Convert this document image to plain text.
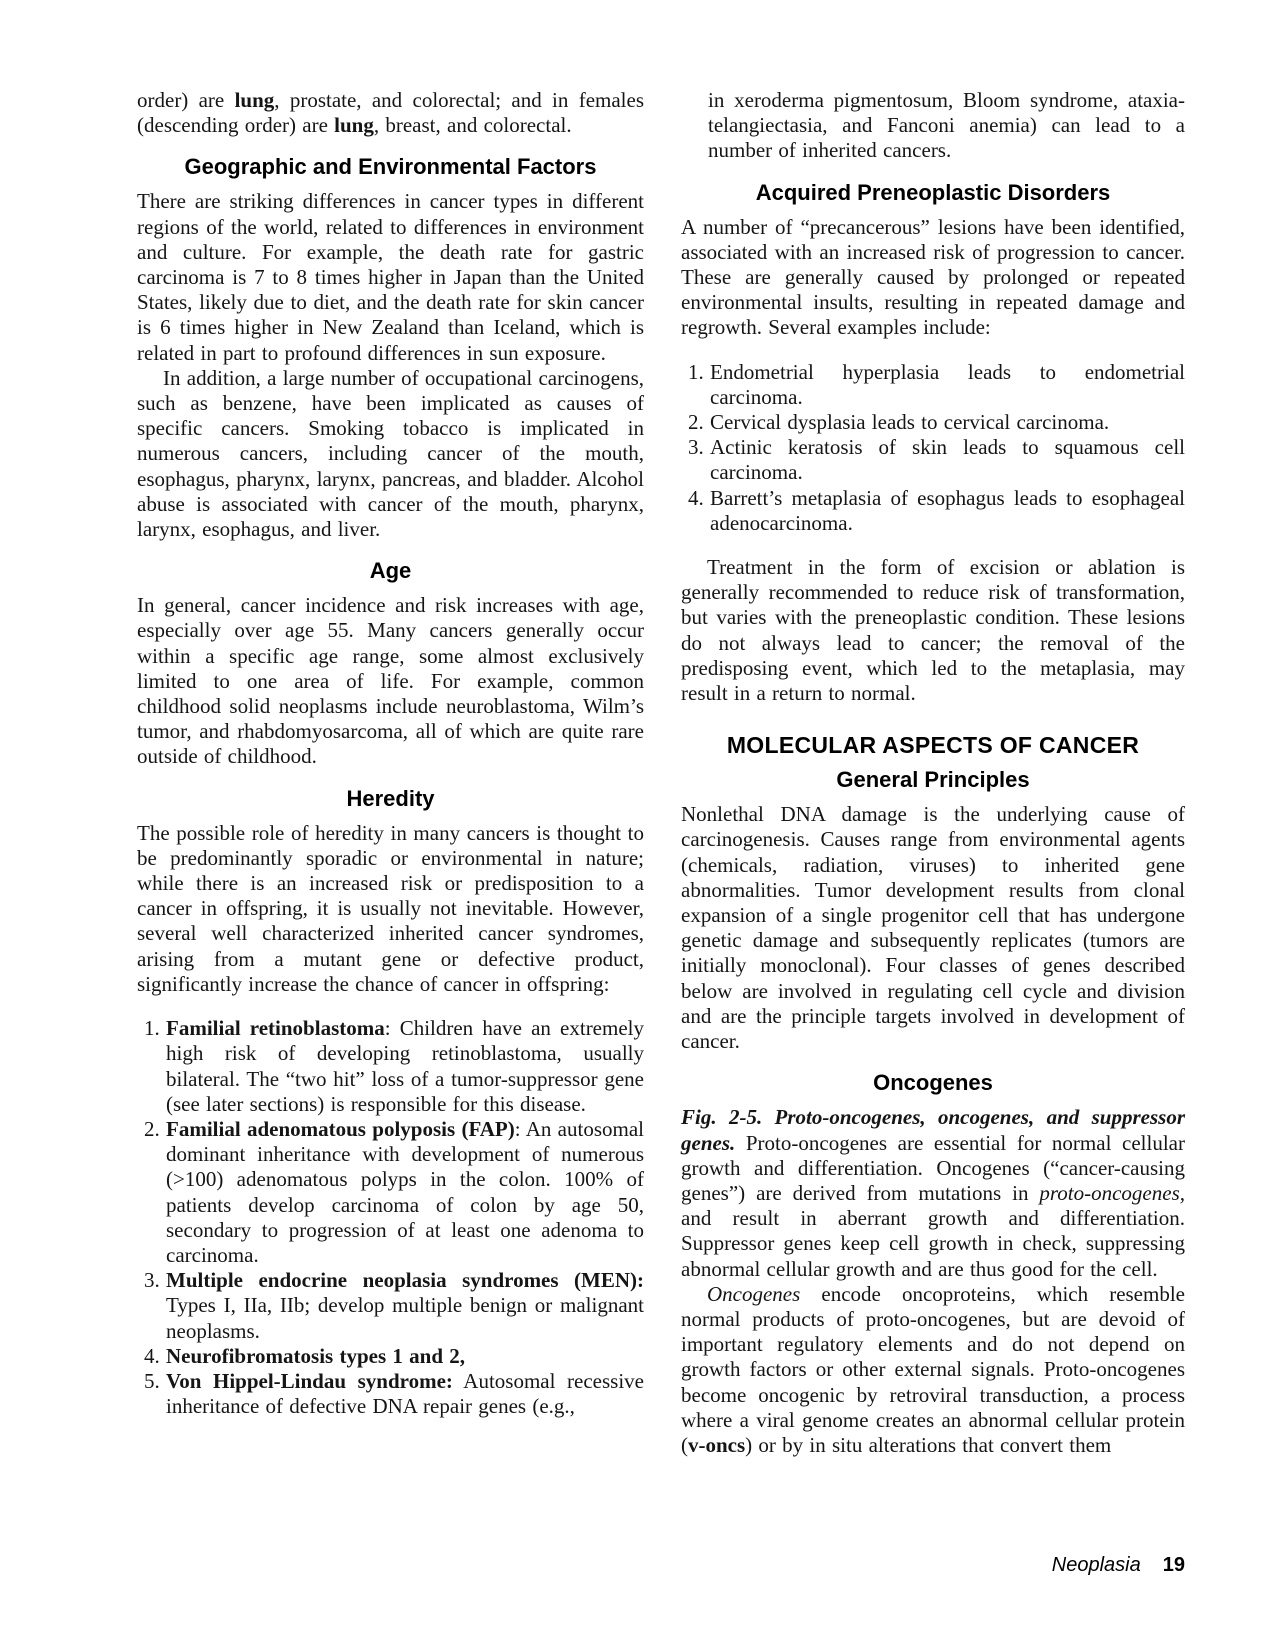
order) are lung, prostate, and colorectal; and in females (descending order) are lung, breast, and colorectal.

Geographic and Environmental Factors

There are striking differences in cancer types in different regions of the world, related to differences in environment and culture. For example, the death rate for gastric carcinoma is 7 to 8 times higher in Japan than the United States, likely due to diet, and the death rate for skin cancer is 6 times higher in New Zealand than Iceland, which is related in part to profound differences in sun exposure.

In addition, a large number of occupational carcinogens, such as benzene, have been implicated as causes of specific cancers. Smoking tobacco is implicated in numerous cancers, including cancer of the mouth, esophagus, pharynx, larynx, pancreas, and bladder. Alcohol abuse is associated with cancer of the mouth, pharynx, larynx, esophagus, and liver.

Age

In general, cancer incidence and risk increases with age, especially over age 55. Many cancers generally occur within a specific age range, some almost exclusively limited to one area of life. For example, common childhood solid neoplasms include neuroblastoma, Wilm’s tumor, and rhabdomyosarcoma, all of which are quite rare outside of childhood.

Heredity

The possible role of heredity in many cancers is thought to be predominantly sporadic or environmental in nature; while there is an increased risk or predisposition to a cancer in offspring, it is usually not inevitable. However, several well characterized inherited cancer syndromes, arising from a mutant gene or defective product, significantly increase the chance of cancer in offspring:

1. Familial retinoblastoma: Children have an extremely high risk of developing retinoblastoma, usually bilateral. The “two hit” loss of a tumor-suppressor gene (see later sections) is responsible for this disease.
2. Familial adenomatous polyposis (FAP): An autosomal dominant inheritance with development of numerous (>100) adenomatous polyps in the colon. 100% of patients develop carcinoma of colon by age 50, secondary to progression of at least one adenoma to carcinoma.
3. Multiple endocrine neoplasia syndromes (MEN): Types I, IIa, IIb; develop multiple benign or malignant neoplasms.
4. Neurofibromatosis types 1 and 2,
5. Von Hippel-Lindau syndrome: Autosomal recessive inheritance of defective DNA repair genes (e.g.,

in xeroderma pigmentosum, Bloom syndrome, ataxia-telangiectasia, and Fanconi anemia) can lead to a number of inherited cancers.

Acquired Preneoplastic Disorders

A number of “precancerous” lesions have been identified, associated with an increased risk of progression to cancer. These are generally caused by prolonged or repeated environmental insults, resulting in repeated damage and regrowth. Several examples include:

1. Endometrial hyperplasia leads to endometrial carcinoma.
2. Cervical dysplasia leads to cervical carcinoma.
3. Actinic keratosis of skin leads to squamous cell carcinoma.
4. Barrett’s metaplasia of esophagus leads to esophageal adenocarcinoma.

Treatment in the form of excision or ablation is generally recommended to reduce risk of transformation, but varies with the preneoplastic condition. These lesions do not always lead to cancer; the removal of the predisposing event, which led to the metaplasia, may result in a return to normal.

MOLECULAR ASPECTS OF CANCER
General Principles

Nonlethal DNA damage is the underlying cause of carcinogenesis. Causes range from environmental agents (chemicals, radiation, viruses) to inherited gene abnormalities. Tumor development results from clonal expansion of a single progenitor cell that has undergone genetic damage and subsequently replicates (tumors are initially monoclonal). Four classes of genes described below are involved in regulating cell cycle and division and are the principle targets involved in development of cancer.

Oncogenes

Fig. 2-5. Proto-oncogenes, oncogenes, and suppressor genes. Proto-oncogenes are essential for normal cellular growth and differentiation. Oncogenes (“cancer-causing genes”) are derived from mutations in proto-oncogenes, and result in aberrant growth and differentiation. Suppressor genes keep cell growth in check, suppressing abnormal cellular growth and are thus good for the cell.

Oncogenes encode oncoproteins, which resemble normal products of proto-oncogenes, but are devoid of important regulatory elements and do not depend on growth factors or other external signals. Proto-oncogenes become oncogenic by retroviral transduction, a process where a viral genome creates an abnormal cellular protein (v-oncs) or by in situ alterations that convert them

Neoplasia 19
